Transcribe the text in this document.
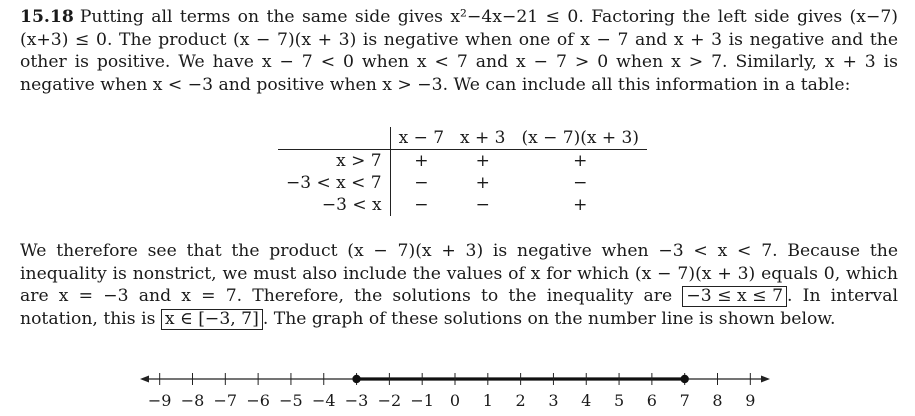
15.18 Putting all terms on the same side gives x²−4x−21 ≤ 0. Factoring the left side gives (x−7)(x+3) ≤ 0. The product (x − 7)(x + 3) is negative when one of x − 7 and x + 3 is negative and the other is positive. We have x − 7 < 0 when x < 7 and x − 7 > 0 when x > 7. Similarly, x + 3 is negative when x < −3 and positive when x > −3. We can include all this information in a table:

	x − 7	x + 3	(x − 7)(x + 3)
x > 7	+	+	+
−3 < x < 7	−	+	−
−3 < x	−	−	+

We therefore see that the product (x − 7)(x + 3) is negative when −3 < x < 7. Because the inequality is nonstrict, we must also include the values of x for which (x − 7)(x + 3) equals 0, which are x = −3 and x = 7. Therefore, the solutions to the inequality are −3 ≤ x ≤ 7 . In interval notation, this is x ∈ [−3, 7] . The graph of these solutions on the number line is shown below.

−9 −8 −7 −6 −5 −4 −3 −2 −1 0 1 2 3 4 5 6 7 8 9
